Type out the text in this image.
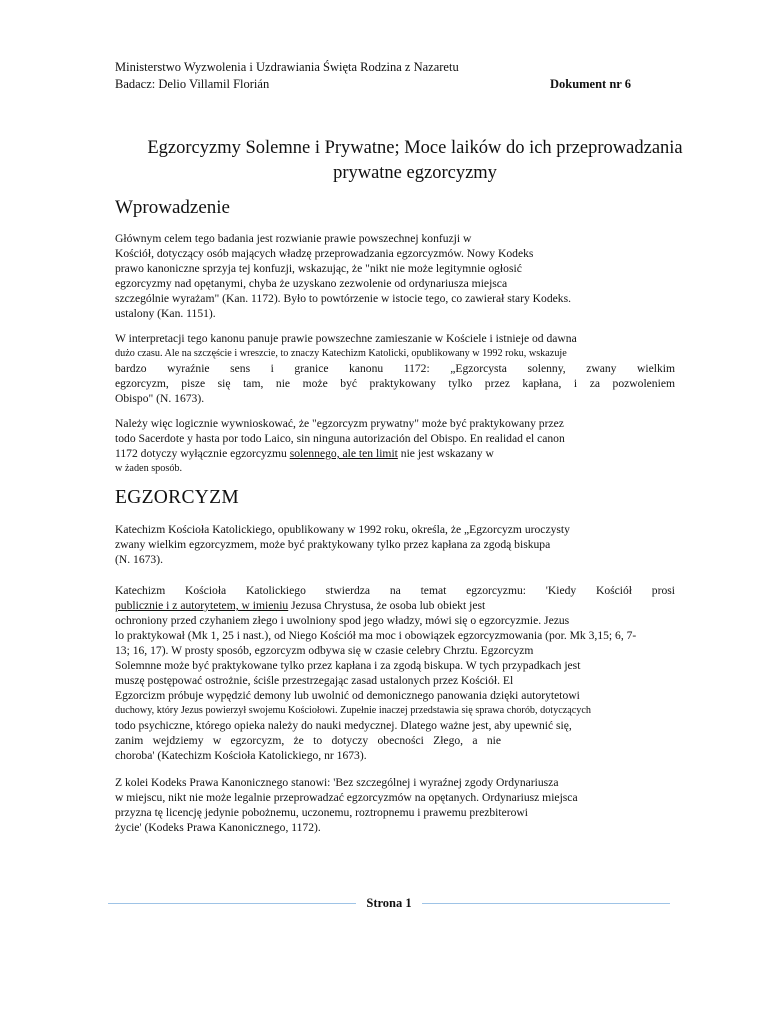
Ministerstwo Wyzwolenia i Uzdrawiania Święta Rodzina z Nazaretu
Badacz: Delio Villamil Florián	Dokument nr 6
Egzorcyzmy Solemne i Prywatne; Moce laików do ich przeprowadzania
prywatne egzorcyzmy
Wprowadzenie

Głównym celem tego badania jest rozwianie prawie powszechnej konfuzji w
Kościół, dotyczący osób mających władzę przeprowadzania egzorcyzmów. Nowy Kodeks
prawo kanoniczne sprzyja tej konfuzji, wskazując, że "nikt nie może legitymnie ogłosić
egzorcyzmy nad opętanymi, chyba że uzyskano zezwolenie od ordynariusza miejsca
szczególnie wyrażam" (Kan. 1172). Było to powtórzenie w istocie tego, co zawierał stary Kodeks.
ustalony (Kan. 1151).

W interpretacji tego kanonu panuje prawie powszechne zamieszanie w Kościele i istnieje od dawna
dużo czasu. Ale na szczęście i wreszcie, to znaczy Katechizm Katolicki, opublikowany w 1992 roku, wskazuje
bardzo wyraźnie sens i granice kanonu 1172: „Egzorcysta solenny, zwany wielkim
egzorcyzm, pisze się tam, nie może być praktykowany tylko przez kapłana, i za pozwoleniem
Obispo" (N. 1673).

Należy więc logicznie wywnioskować, że "egzorcyzm prywatny" może być praktykowany przez
todo Sacerdote y hasta por todo Laico, sin ninguna autorización del Obispo. En realidad el canon
1172 dotyczy wyłącznie egzorcyzmu solennego, ale ten limit nie jest wskazany w
w żaden sposób.

EGZORCYZM

Katechizm Kościoła Katolickiego, opublikowany w 1992 roku, określa, że „Egzorcyzm uroczysty
zwany wielkim egzorcyzmem, może być praktykowany tylko przez kapłana za zgodą biskupa
(N. 1673).

Katechizm Kościoła Katolickiego stwierdza na temat egzorcyzmu: 'Kiedy Kościół prosi
publicznie i z autorytetem, w imieniu Jezusa Chrystusa, że osoba lub obiekt jest
ochroniony przed czyhaniem złego i uwolniony spod jego władzy, mówi się o egzorcyzmie. Jezus
lo praktykował (Mk 1, 25 i nast.), od Niego Kościół ma moc i obowiązek egzorcyzmowania (por. Mk 3,15; 6, 7-
13; 16, 17). W prosty sposób, egzorcyzm odbywa się w czasie celebry Chrztu. Egzorcyzm
Solemnne może być praktykowane tylko przez kapłana i za zgodą biskupa. W tych przypadkach jest
muszę postępować ostrożnie, ściśle przestrzegając zasad ustalonych przez Kościół. El
Egzorcizm próbuje wypędzić demony lub uwolnić od demonicznego panowania dzięki autorytetowi
duchowy, który Jezus powierzył swojemu Kościołowi. Zupełnie inaczej przedstawia się sprawa chorób, dotyczących
todo psychiczne, którego opieka należy do nauki medycznej. Dlatego ważne jest, aby upewnić się,
zanim wejdziemy w egzorcyzm, że to dotyczy obecności Złego, a nie
choroba' (Katechizm Kościoła Katolickiego, nr 1673).

Z kolei Kodeks Prawa Kanonicznego stanowi: 'Bez szczególnej i wyraźnej zgody Ordynariusza
w miejscu, nikt nie może legalnie przeprowadzać egzorcyzmów na opętanych. Ordynariusz miejsca
przyzna tę licencję jedynie pobożnemu, uczonemu, roztropnemu i prawemu prezbiterowi
życie' (Kodeks Prawa Kanonicznego, 1172).

Strona 1
